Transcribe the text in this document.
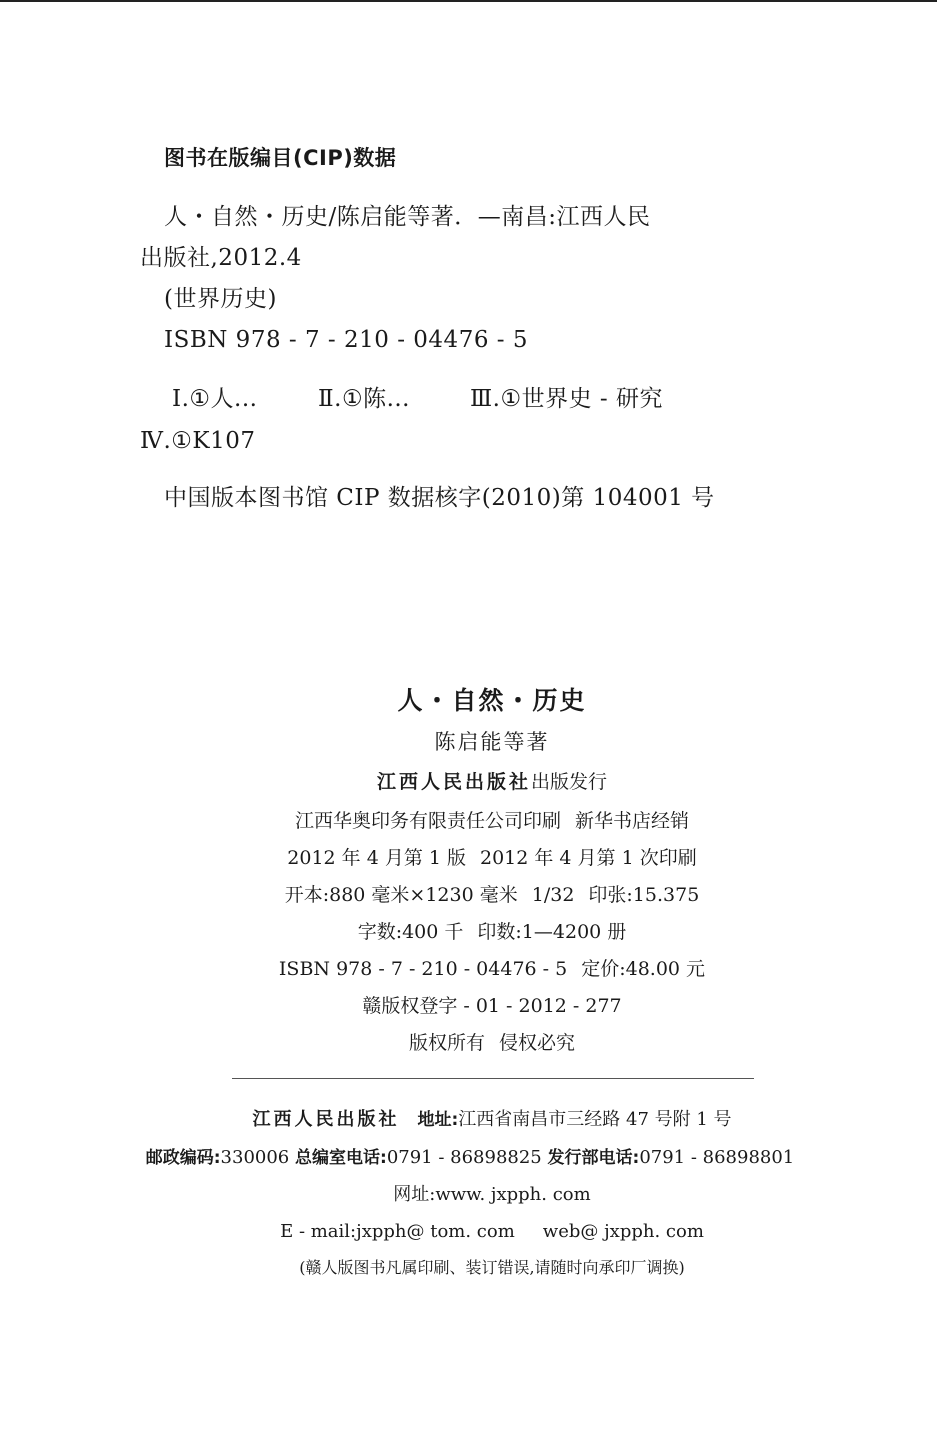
图书在版编目(CIP)数据
人・自然・历史/陈启能等著．—南昌:江西人民
出版社,2012.4
(世界历史)
ISBN 978 - 7 - 210 - 04476 - 5
Ⅰ.①人...	Ⅱ.①陈...	Ⅲ.①世界史 - 研究
Ⅳ.①K107
中国版本图书馆 CIP 数据核字(2010)第 104001 号
人・自然・历史
陈启能等著
江西人民出版社出版发行
江西华奥印务有限责任公司印刷 新华书店经销
2012 年 4 月第 1 版 2012 年 4 月第 1 次印刷
开本:880 毫米×1230 毫米 1/32 印张:15.375
字数:400 千 印数:1—4200 册
ISBN 978 - 7 - 210 - 04476 - 5 定价:48.00 元
赣版权登字 - 01 - 2012 - 277
版权所有 侵权必究
江西人民出版社 地址:江西省南昌市三经路 47 号附 1 号
邮政编码:330006 总编室电话:0791 - 86898825 发行部电话:0791 - 86898801
网址:www. jxpph. com
E - mail:jxpph@ tom. com web@ jxpph. com
(赣人版图书凡属印刷、装订错误,请随时向承印厂调换)
